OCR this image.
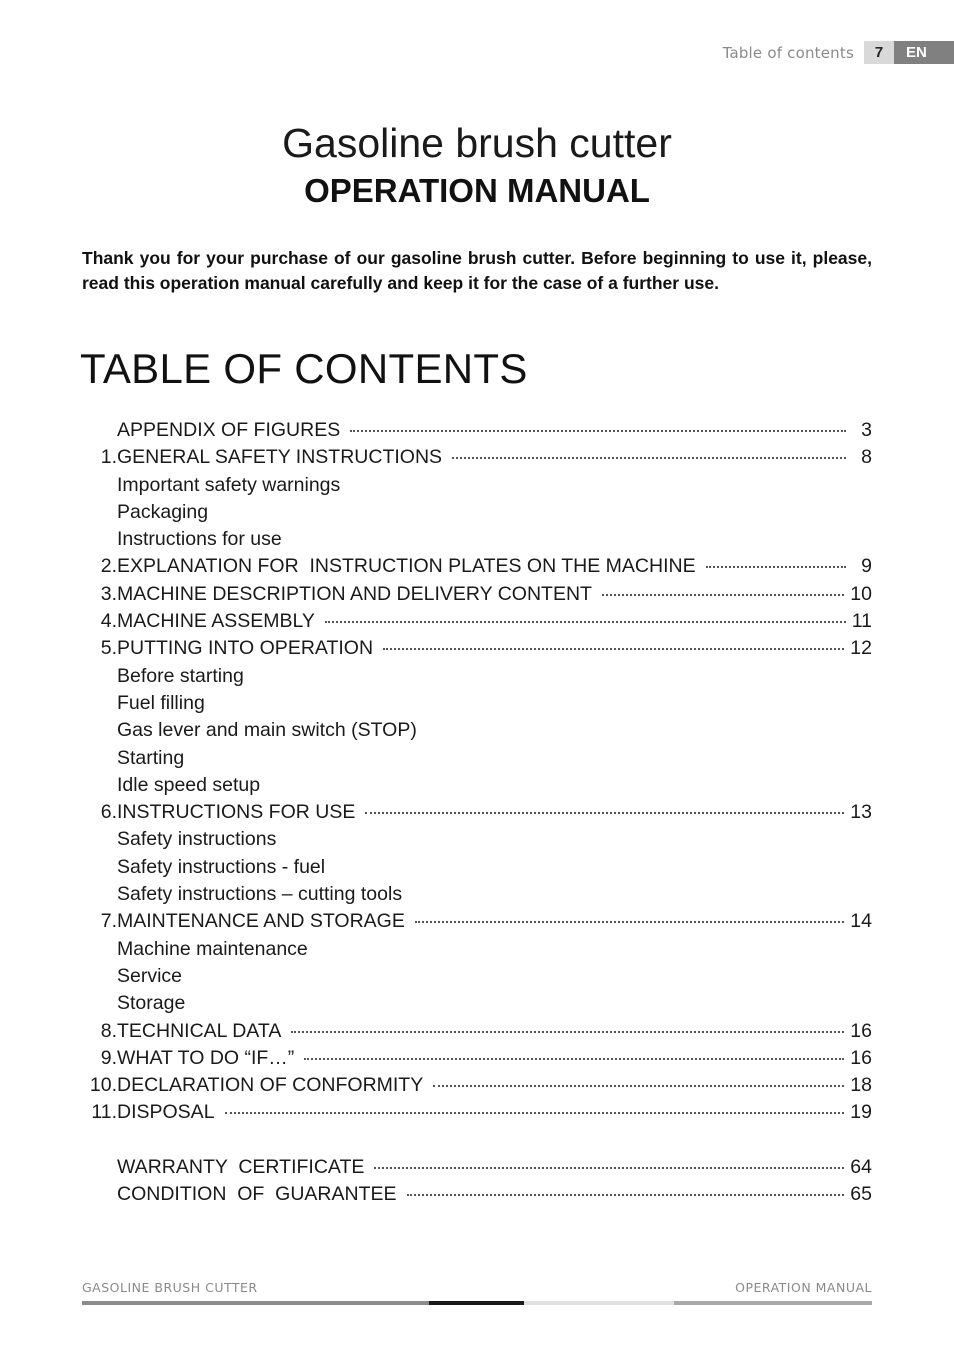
Table of contents	7	EN
Gasoline brush cutter
OPERATION MANUAL

Thank you for your purchase of our gasoline brush cutter. Before beginning to use it, please, read this operation manual carefully and keep it for the case of a further use.

TABLE OF CONTENTS
APPENDIX OF FIGURES	3
1. GENERAL SAFETY INSTRUCTIONS	8
Important safety warnings
Packaging
Instructions for use
2. EXPLANATION FOR  INSTRUCTION PLATES ON THE MACHINE	9
3. MACHINE DESCRIPTION AND DELIVERY CONTENT	10
4. MACHINE ASSEMBLY	11
5. PUTTING INTO OPERATION	12
Before starting
Fuel filling
Gas lever and main switch (STOP)
Starting
Idle speed setup
6. INSTRUCTIONS FOR USE	13
Safety instructions
Safety instructions - fuel
Safety instructions – cutting tools
7. MAINTENANCE AND STORAGE	14
Machine maintenance
Service
Storage
8. TECHNICAL DATA	16
9. WHAT TO DO “IF…”	16
10. DECLARATION OF CONFORMITY	18
11. DISPOSAL	19
WARRANTY  CERTIFICATE	64
CONDITION  OF  GUARANTEE	65
GASOLINE BRUSH CUTTER	OPERATION MANUAL
